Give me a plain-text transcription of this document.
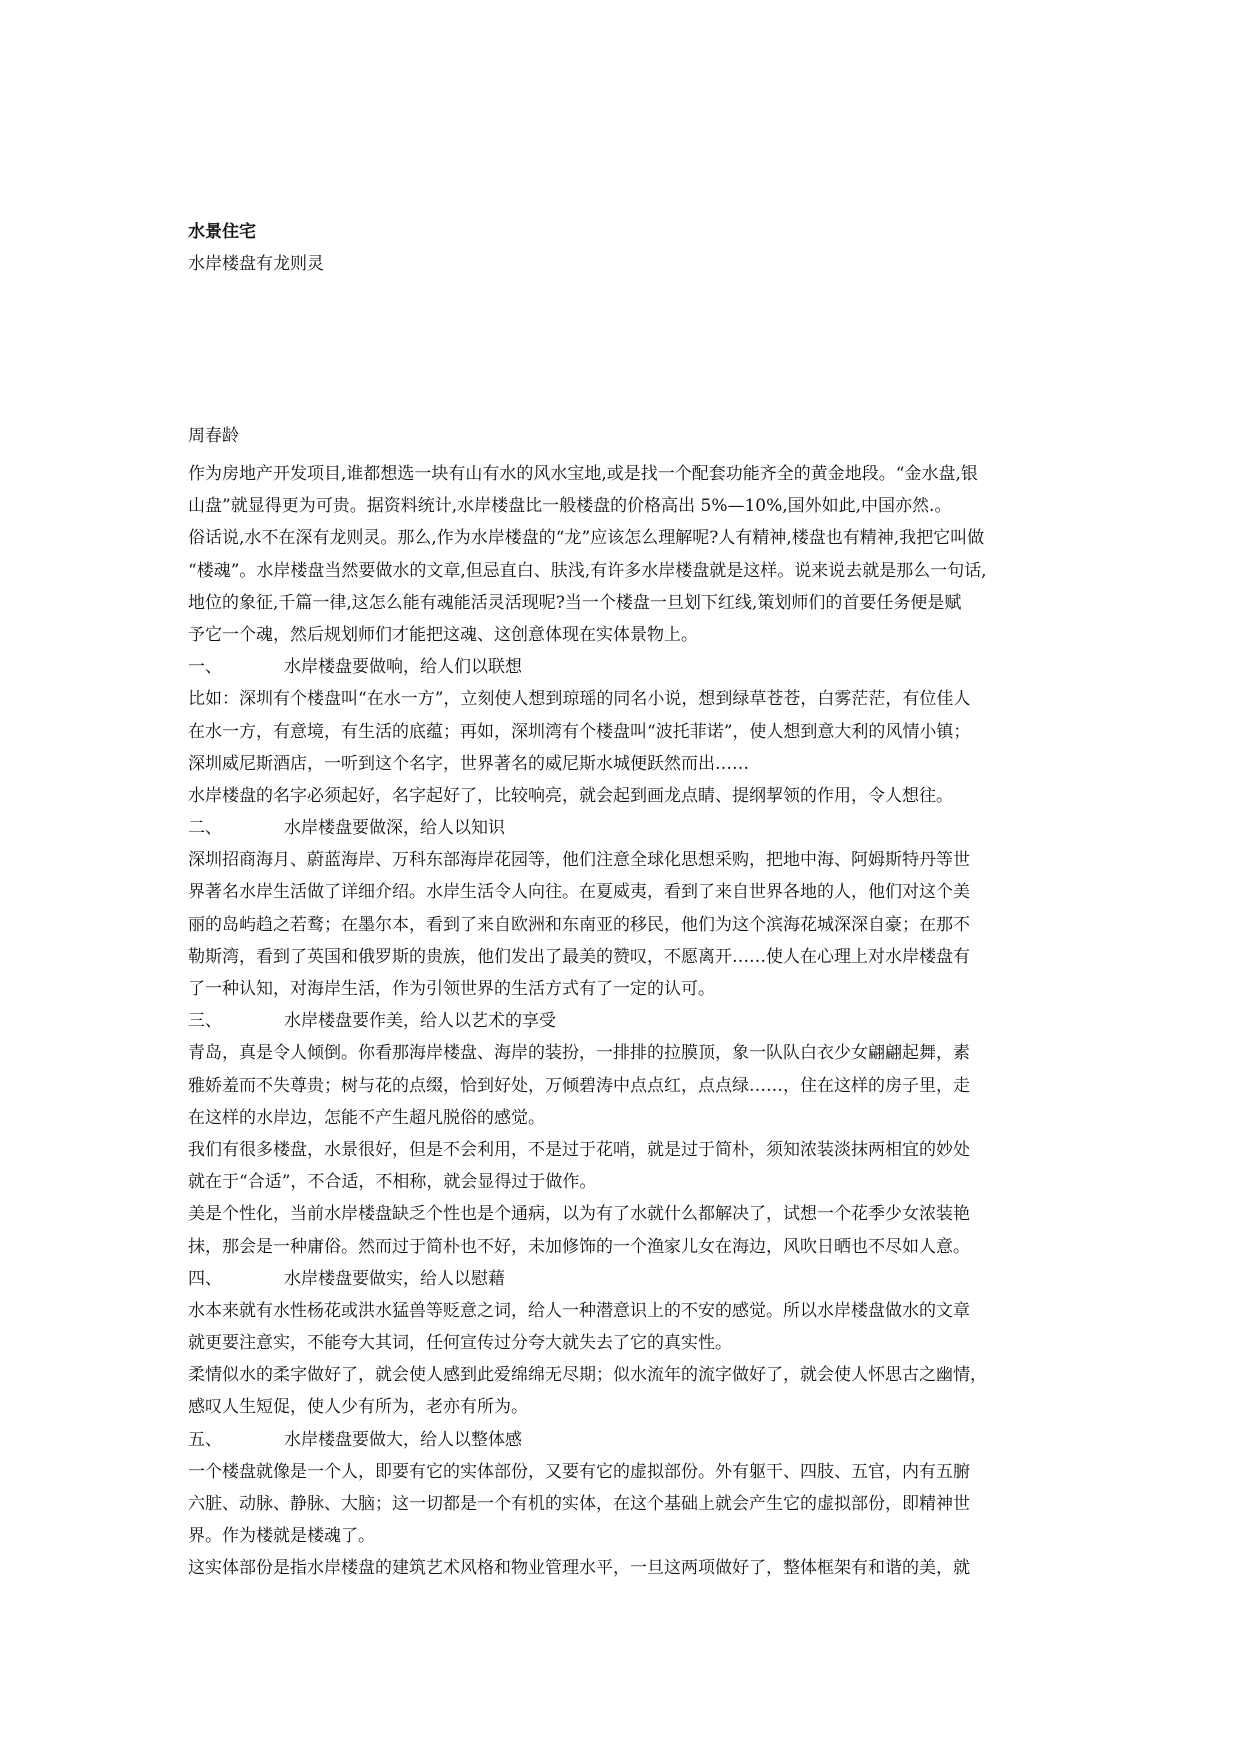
水景住宅
水岸楼盘有龙则灵
周春龄
作为房地产开发项目,谁都想选一块有山有水的风水宝地,或是找一个配套功能齐全的黄金地段。“金水盘,银
山盘”就显得更为可贵。据资料统计,水岸楼盘比一般楼盘的价格高出 5%—10%,国外如此,中国亦然.。
俗话说,水不在深有龙则灵。那么,作为水岸楼盘的“龙”应该怎么理解呢?人有精神,楼盘也有精神,我把它叫做
“楼魂”。水岸楼盘当然要做水的文章,但忌直白、肤浅,有许多水岸楼盘就是这样。说来说去就是那么一句话,
地位的象征,千篇一律,这怎么能有魂能活灵活现呢?当一个楼盘一旦划下红线,策划师们的首要任务便是赋
予它一个魂，然后规划师们才能把这魂、这创意体现在实体景物上。
一、	水岸楼盘要做响，给人们以联想
比如：深圳有个楼盘叫“在水一方”，立刻使人想到琼瑶的同名小说，想到绿草苍苍，白雾茫茫，有位佳人
在水一方，有意境，有生活的底蕴；再如，深圳湾有个楼盘叫“波托菲诺”，使人想到意大利的风情小镇；
深圳威尼斯酒店，一听到这个名字，世界著名的威尼斯水城便跃然而出……
水岸楼盘的名字必须起好，名字起好了，比较响亮，就会起到画龙点睛、提纲挈领的作用，令人想往。
二、	水岸楼盘要做深，给人以知识
深圳招商海月、蔚蓝海岸、万科东部海岸花园等，他们注意全球化思想采购，把地中海、阿姆斯特丹等世
界著名水岸生活做了详细介绍。水岸生活令人向往。在夏威夷，看到了来自世界各地的人，他们对这个美
丽的岛屿趋之若鹜；在墨尔本，看到了来自欧洲和东南亚的移民，他们为这个滨海花城深深自豪；在那不
勒斯湾，看到了英国和俄罗斯的贵族，他们发出了最美的赞叹，不愿离开……使人在心理上对水岸楼盘有
了一种认知，对海岸生活，作为引领世界的生活方式有了一定的认可。
三、	水岸楼盘要作美，给人以艺术的享受
青岛，真是令人倾倒。你看那海岸楼盘、海岸的装扮，一排排的拉膜顶，象一队队白衣少女翩翩起舞，素
雅娇羞而不失尊贵；树与花的点缀，恰到好处，万倾碧涛中点点红，点点绿……，住在这样的房子里，走
在这样的水岸边，怎能不产生超凡脱俗的感觉。
我们有很多楼盘，水景很好，但是不会利用，不是过于花哨，就是过于简朴，须知浓装淡抹两相宜的妙处
就在于“合适”，不合适，不相称，就会显得过于做作。
美是个性化，当前水岸楼盘缺乏个性也是个通病，以为有了水就什么都解决了，试想一个花季少女浓装艳
抹，那会是一种庸俗。然而过于简朴也不好，未加修饰的一个渔家儿女在海边，风吹日晒也不尽如人意。
四、	水岸楼盘要做实，给人以慰藉
水本来就有水性杨花或洪水猛兽等贬意之词，给人一种潜意识上的不安的感觉。所以水岸楼盘做水的文章
就更要注意实，不能夸大其词，任何宣传过分夸大就失去了它的真实性。
柔情似水的柔字做好了，就会使人感到此爱绵绵无尽期；似水流年的流字做好了，就会使人怀思古之幽情，
感叹人生短促，使人少有所为，老亦有所为。
五、	水岸楼盘要做大，给人以整体感
一个楼盘就像是一个人，即要有它的实体部份，又要有它的虚拟部份。外有躯干、四肢、五官，内有五腑
六脏、动脉、静脉、大脑；这一切都是一个有机的实体，在这个基础上就会产生它的虚拟部份，即精神世
界。作为楼就是楼魂了。
这实体部份是指水岸楼盘的建筑艺术风格和物业管理水平，一旦这两项做好了，整体框架有和谐的美，就
